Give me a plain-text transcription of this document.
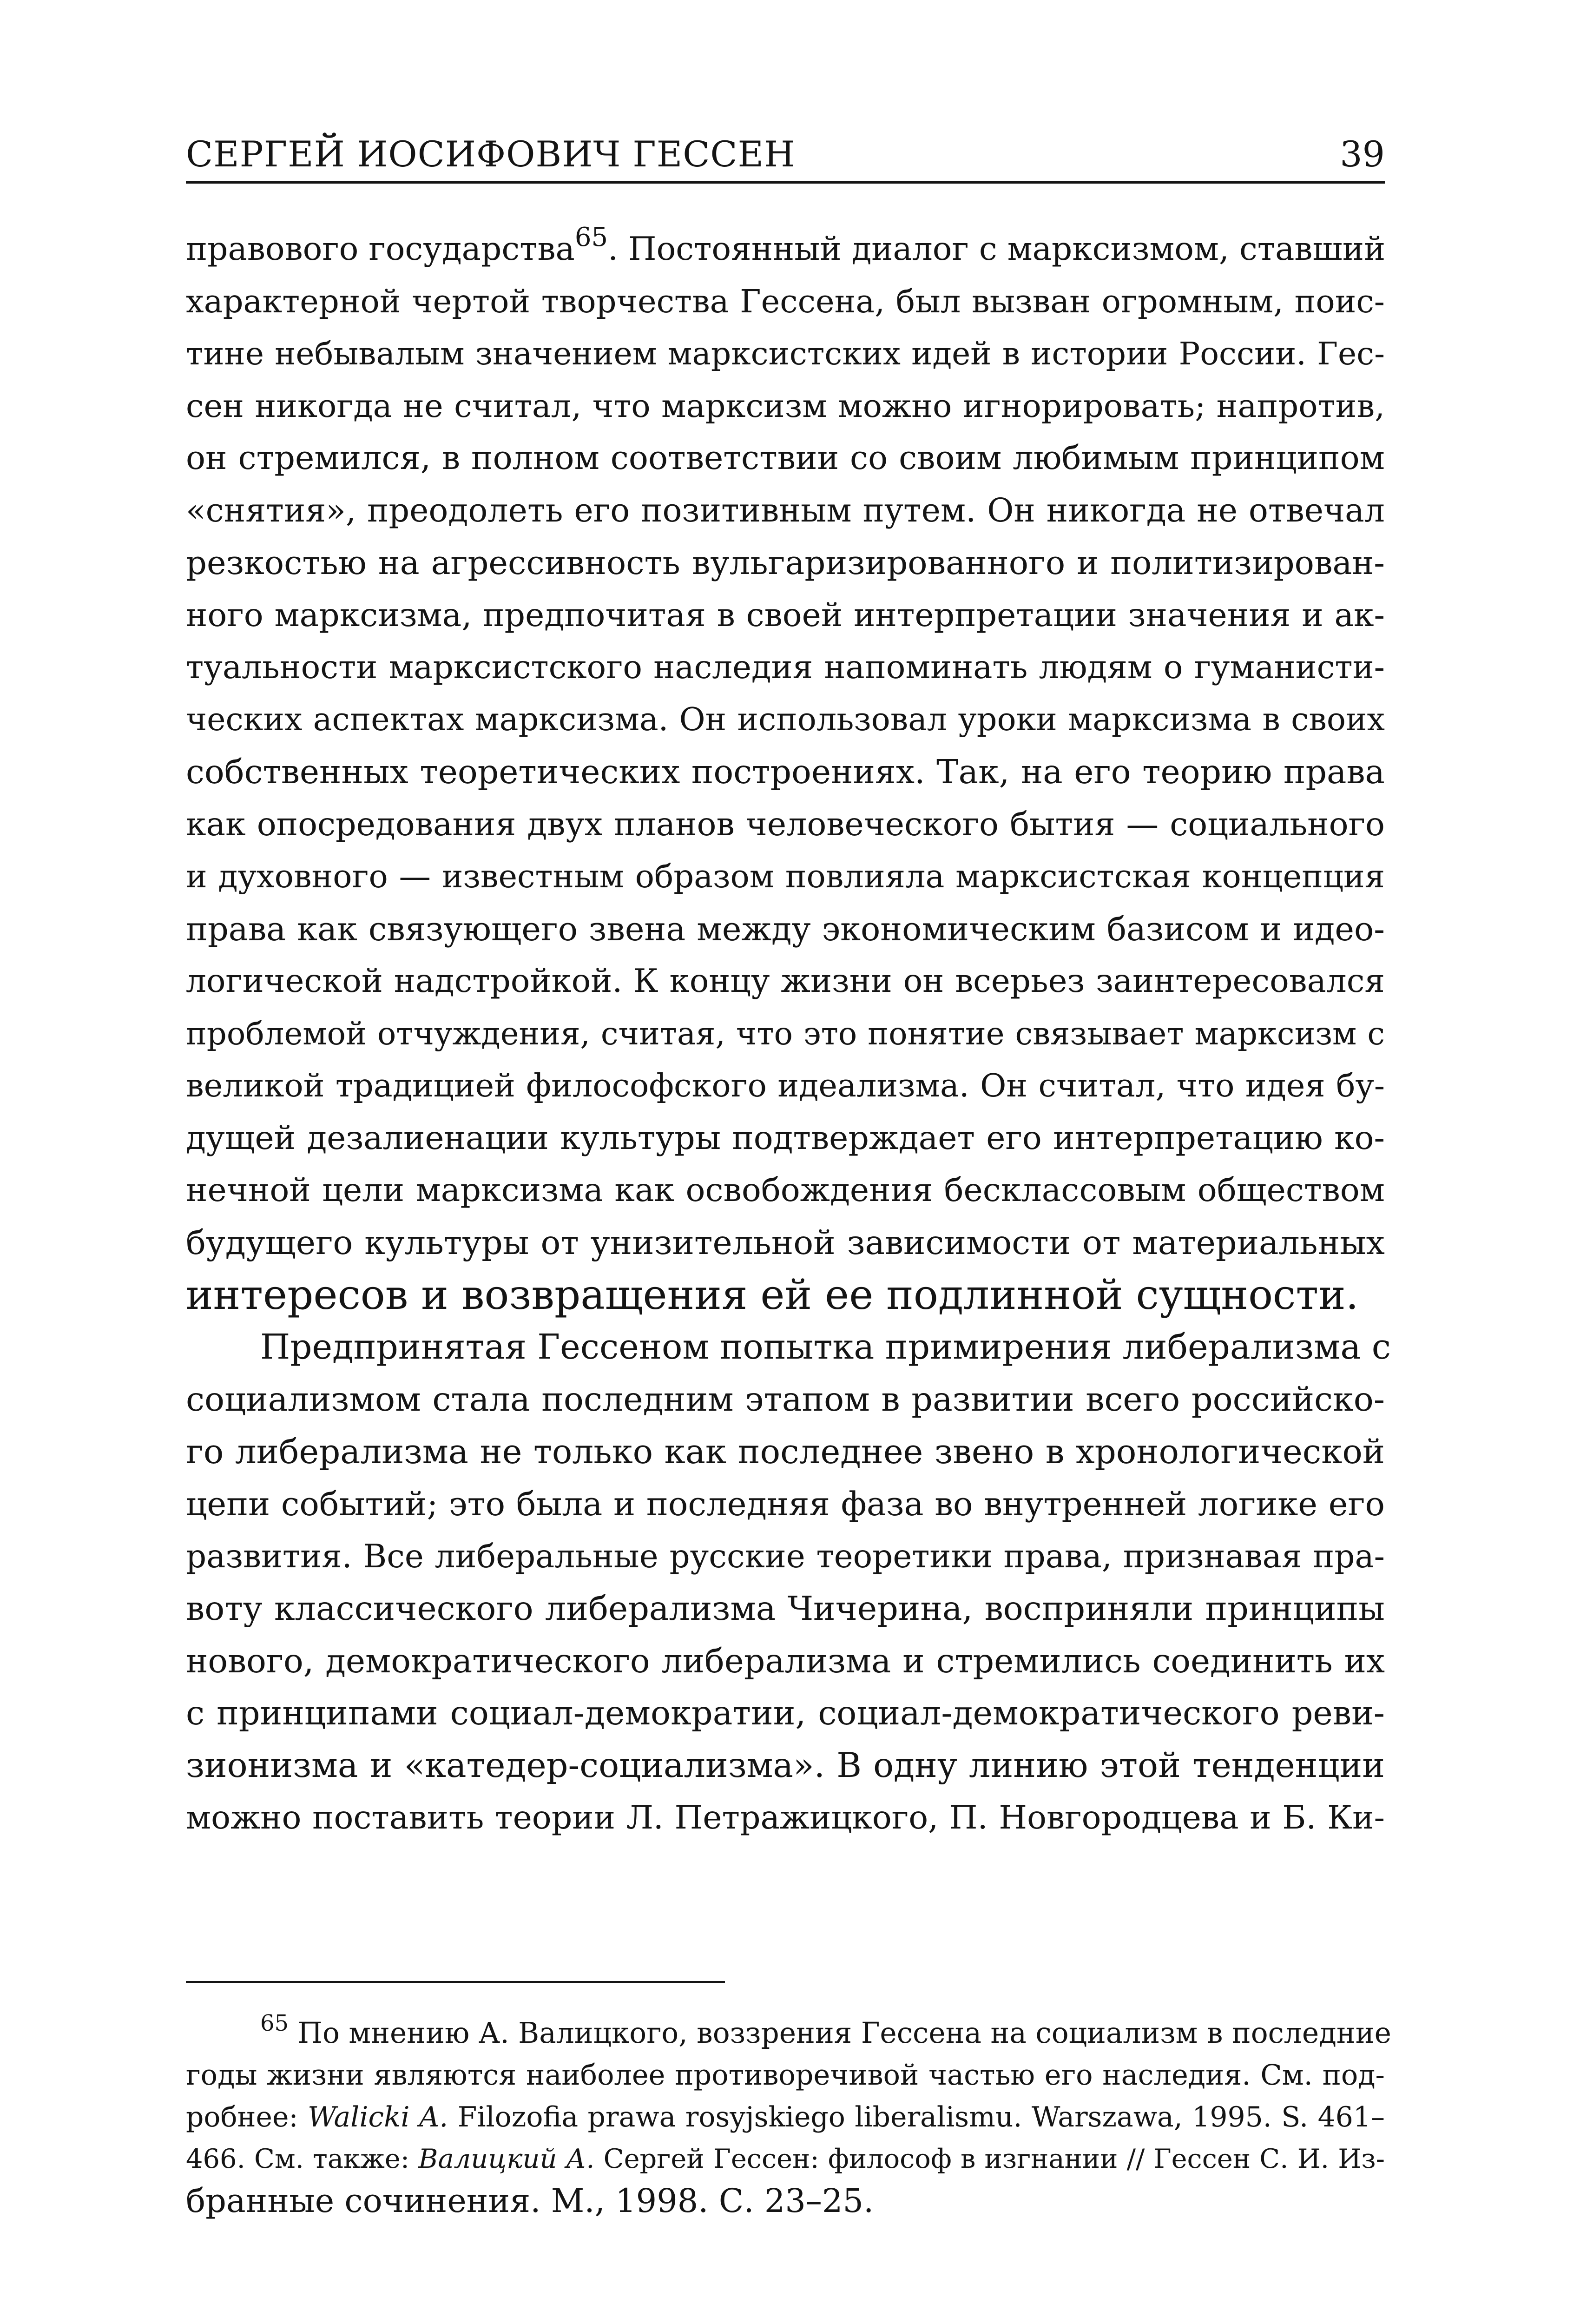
СЕРГЕЙ ИОСИФОВИЧ ГЕССЕН	39
правового государства$^{65}$. Постоянный диалог с марксизмом, ставший
характерной чертой творчества Гессена, был вызван огромным, поис-
тине небывалым значением марксистских идей в истории России. Гес-
сен никогда не считал, что марксизм можно игнорировать; напротив,
он стремился, в полном соответствии со своим любимым принципом
«снятия», преодолеть его позитивным путем. Он никогда не отвечал
резкостью на агрессивность вульгаризированного и политизирован-
ного марксизма, предпочитая в своей интерпретации значения и ак-
туальности марксистского наследия напоминать людям о гуманисти-
ческих аспектах марксизма. Он использовал уроки марксизма в своих
собственных теоретических построениях. Так, на его теорию права
как опосредования двух планов человеческого бытия — социального
и духовного — известным образом повлияла марксистская концепция
права как связующего звена между экономическим базисом и идео-
логической надстройкой. К концу жизни он всерьез заинтересовался
проблемой отчуждения, считая, что это понятие связывает марксизм с
великой традицией философского идеализма. Он считал, что идея бу-
дущей дезалиенации культуры подтверждает его интерпретацию ко-
нечной цели марксизма как освобождения бесклассовым обществом
будущего культуры от унизительной зависимости от материальных
интересов и возвращения ей ее подлинной сущности.
Предпринятая Гессеном попытка примирения либерализма с
социализмом стала последним этапом в развитии всего российско-
го либерализма не только как последнее звено в хронологической
цепи событий; это была и последняя фаза во внутренней логике его
развития. Все либеральные русские теоретики права, признавая пра-
воту классического либерализма Чичерина, восприняли принципы
нового, демократического либерализма и стремились соединить их
с принципами социал-демократии, социал-демократического реви-
зионизма и «катедер-социализма». В одну линию этой тенденции
можно поставить теории Л. Петражицкого, П. Новгородцева и Б. Ки-
$^{65}$ По мнению А. Валицкого, воззрения Гессена на социализм в последние
годы жизни являются наиболее противоречивой частью его наследия. См. под-
робнее: Walicki A. Filozofia prawa rosyjskiego liberalismu. Warszawa, 1995. S. 461–
466. См. также: Валицкий А. Сергей Гессен: философ в изгнании // Гессен С. И. Из-
бранные сочинения. М., 1998. С. 23–25.
